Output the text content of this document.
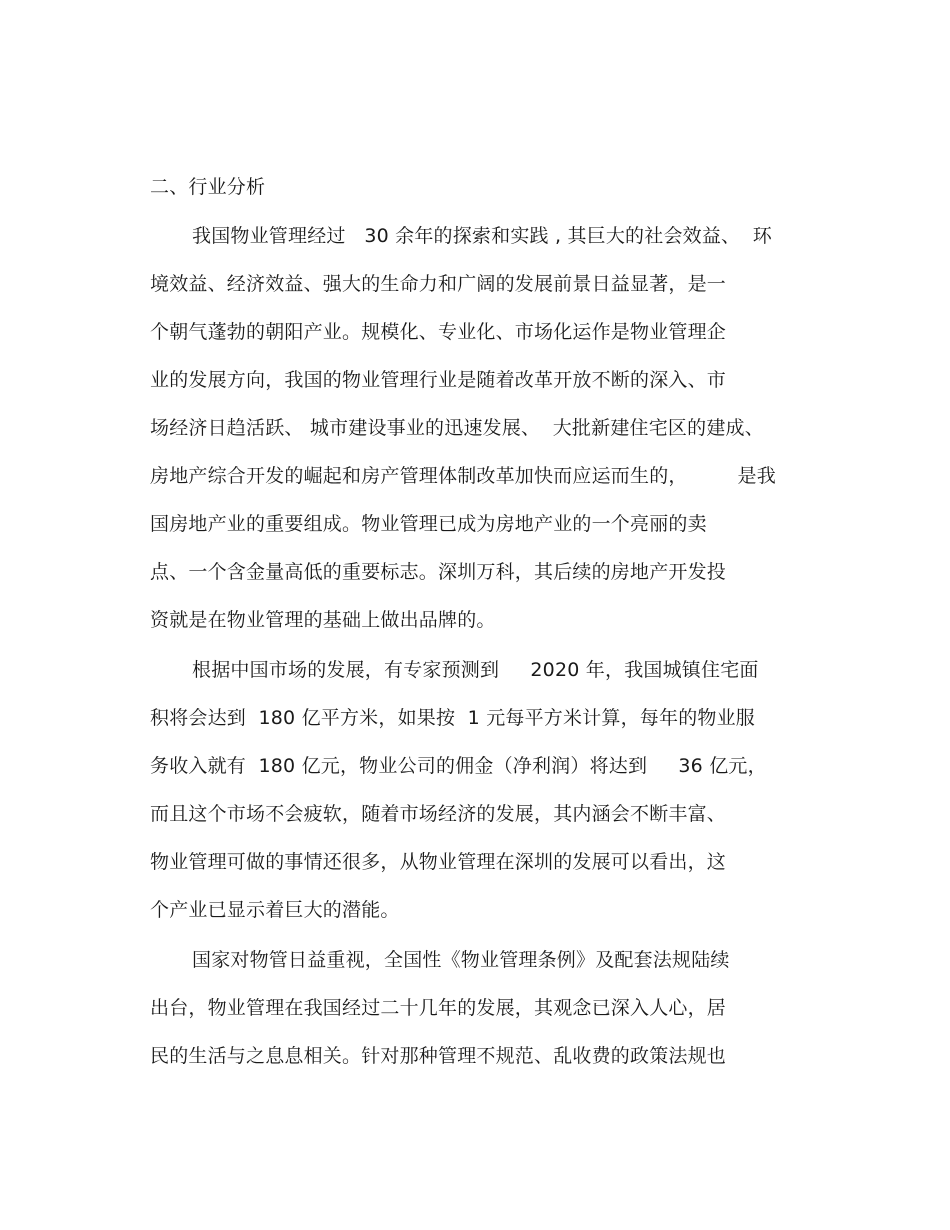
二、行业分析
我国物业管理经过   30 余年的探索和实践 , 其巨大的社会效益、  环
境效益、经济效益、强大的生命力和广阔的发展前景日益显著，是一
个朝气蓬勃的朝阳产业。规模化、专业化、市场化运作是物业管理企
业的发展方向，我国的物业管理行业是随着改革开放不断的深入、市
场经济日趋活跃、 城市建设事业的迅速发展、  大批新建住宅区的建成、
房地产综合开发的崛起和房产管理体制改革加快而应运而生的，        是我
国房地产业的重要组成。物业管理已成为房地产业的一个亮丽的卖
点、一个含金量高低的重要标志。深圳万科，其后续的房地产开发投
资就是在物业管理的基础上做出品牌的。
根据中国市场的发展，有专家预测到     2020 年，我国城镇住宅面
积将会达到  180 亿平方米，如果按  1 元每平方米计算，每年的物业服
务收入就有  180 亿元，物业公司的佣金（净利润）将达到     36 亿元，
而且这个市场不会疲软，随着市场经济的发展，其内涵会不断丰富、
物业管理可做的事情还很多，从物业管理在深圳的发展可以看出，这
个产业已显示着巨大的潜能。
国家对物管日益重视，全国性《物业管理条例》及配套法规陆续
出台，物业管理在我国经过二十几年的发展，其观念已深入人心，居
民的生活与之息息相关。针对那种管理不规范、乱收费的政策法规也
